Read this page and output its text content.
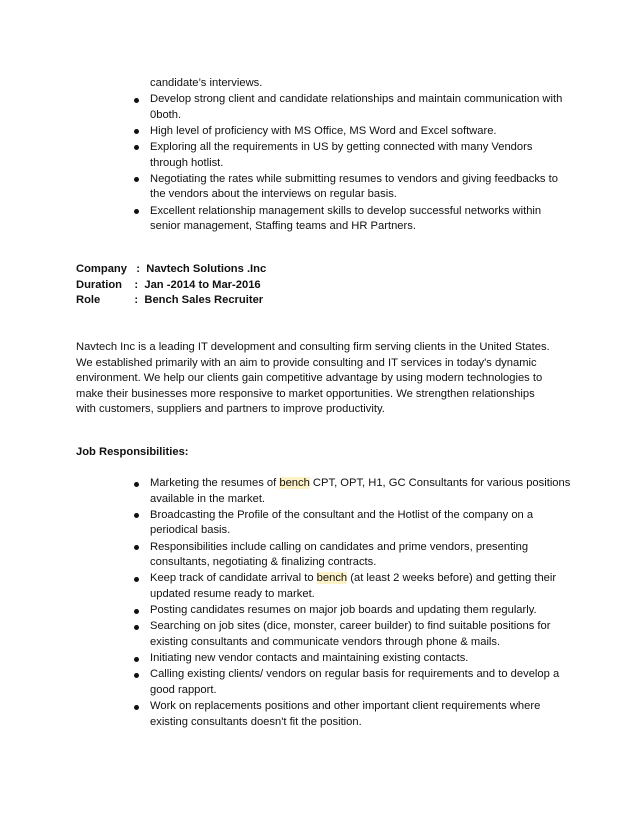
candidate’s interviews.
Develop strong client and candidate relationships and maintain communication with 0both.
High level of proficiency with MS Office, MS Word and Excel software.
Exploring all the requirements in US by getting connected with many Vendors through hotlist.
Negotiating the rates while submitting resumes to vendors and giving feedbacks to the vendors about the interviews on regular basis.
Excellent relationship management skills to develop successful networks within senior management, Staffing teams and HR Partners.
Company   :  Navtech Solutions .Inc
Duration    :  Jan -2014 to Mar-2016
Role           :  Bench Sales Recruiter
Navtech Inc is a leading IT development and consulting firm serving clients in the United States.
We established primarily with an aim to provide consulting and IT services in today's dynamic
environment. We help our clients gain competitive advantage by using modern technologies to
make their businesses more responsive to market opportunities. We strengthen relationships
with customers, suppliers and partners to improve productivity.
Job Responsibilities:
Marketing the resumes of bench CPT, OPT, H1, GC Consultants for various positions available in the market.
Broadcasting the Profile of the consultant and the Hotlist of the company on a periodical basis.
Responsibilities include calling on candidates and prime vendors, presenting consultants, negotiating & finalizing contracts.
Keep track of candidate arrival to bench (at least 2 weeks before) and getting their updated resume ready to market.
Posting candidates resumes on major job boards and updating them regularly.
Searching on job sites (dice, monster, career builder) to find suitable positions for existing consultants and communicate vendors through phone & mails.
Initiating new vendor contacts and maintaining existing contacts.
Calling existing clients/ vendors on regular basis for requirements and to develop a good rapport.
Work on replacements positions and other important client requirements where existing consultants doesn't fit the position.
